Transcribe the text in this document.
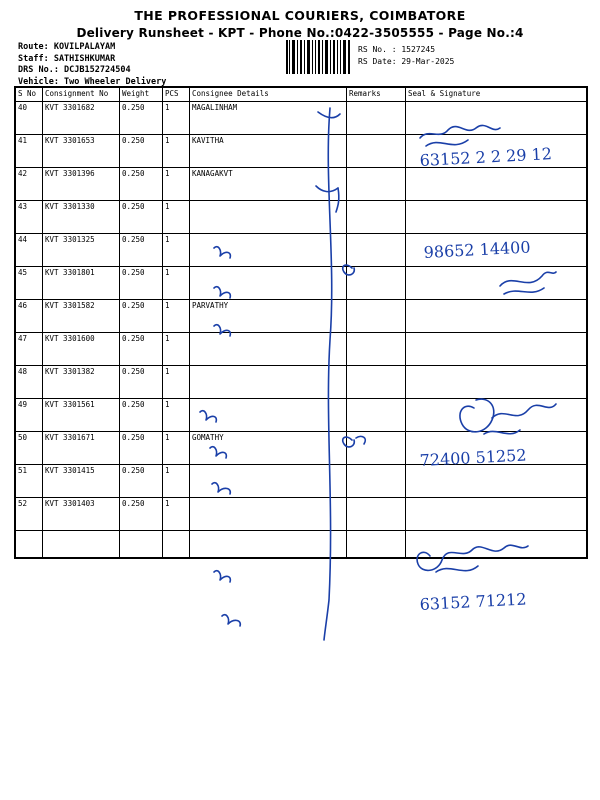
THE PROFESSIONAL COURIERS, COIMBATORE
Delivery Runsheet - KPT - Phone No.:0422-3505555 - Page No.:4
Route: KOVILPALAYAM
Staff: SATHISHKUMAR
DRS No.: DCJB152724504
Vehicle: Two Wheeler Delivery
RS No. : 1527245
RS Date: 29-Mar-2025
S No	Consignment No	Weight	PCS	Consignee Details	Remarks	Seal & Signature
40	KVT 3301682	0.250	1	MAGALINHAM		
41	KVT 3301653	0.250	1	KAVITHA		
42	KVT 3301396	0.250	1	KANAGAKVT		
43	KVT 3301330	0.250	1			
44	KVT 3301325	0.250	1			
45	KVT 3301801	0.250	1			
46	KVT 3301582	0.250	1	PARVATHY		
47	KVT 3301600	0.250	1			
48	KVT 3301382	0.250	1			
49	KVT 3301561	0.250	1			
50	KVT 3301671	0.250	1	GOMATHY		
51	KVT 3301415	0.250	1			
52	KVT 3301403	0.250	1			

63152 2 2 29 12
98652 14400
72400 51252
63152 71212
